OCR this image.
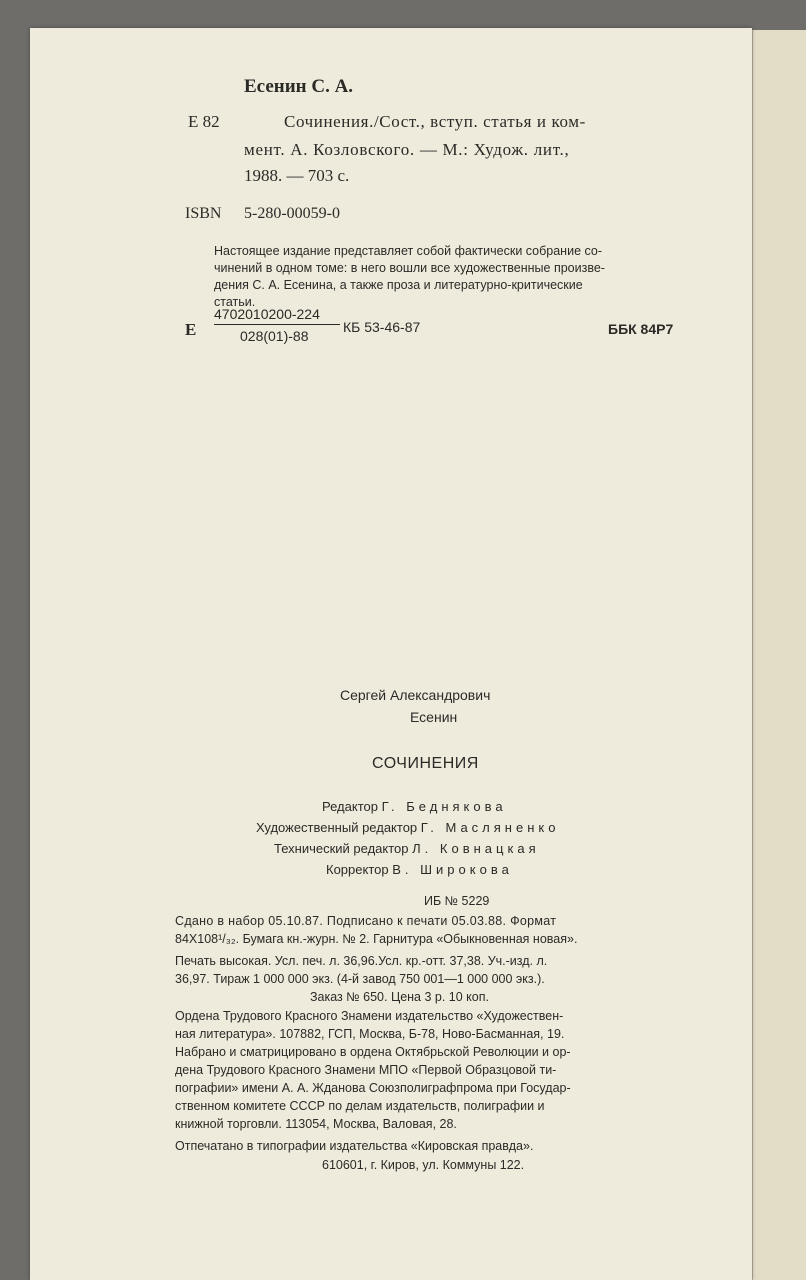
Есенин С. А.
Е 82	Сочинения./Сост., вступ. статья и ком-
мент. А. Козловского. — М.: Худож. лит.,
1988. — 703 с.
ISBN 5-280-00059-0
Настоящее издание представляет собой фактически собрание со-
чинений в одном томе: в него вошли все художественные произве-
дения С. А. Есенина, а также проза и литературно-критические
статьи.
Е
4702010200-224
028(01)-88
КБ 53-46-87	ББК 84Р7
Сергей Александрович
Есенин
СОЧИНЕНИЯ
Редактор Г. Беднякова
Художественный редактор Г. Масляненко
Технический редактор Л. Ковнацкая
Корректор В. Широкова
ИБ № 5229
Сдано в набор 05.10.87. Подписано к печати 05.03.88. Формат
84Х108¹/₃₂. Бумага кн.-журн. № 2. Гарнитура «Обыкновенная новая».
Печать высокая. Усл. печ. л. 36,96.Усл. кр.-отт. 37,38. Уч.-изд. л.
36,97. Тираж 1 000 000 экз. (4-й завод 750 001—1 000 000 экз.).
Заказ № 650. Цена 3 р. 10 коп.
Ордена Трудового Красного Знамени издательство «Художествен-
ная литература». 107882, ГСП, Москва, Б-78, Ново-Басманная, 19.
Набрано и сматрицировано в ордена Октябрьской Революции и ор-
дена Трудового Красного Знамени МПО «Первой Образцовой ти-
пографии» имени А. А. Жданова Союзполиграфпрома при Государ-
ственном комитете СССР по делам издательств, полиграфии и
книжной торговли. 113054, Москва, Валовая, 28.
Отпечатано в типографии издательства «Кировская правда».
610601, г. Киров, ул. Коммуны 122.
